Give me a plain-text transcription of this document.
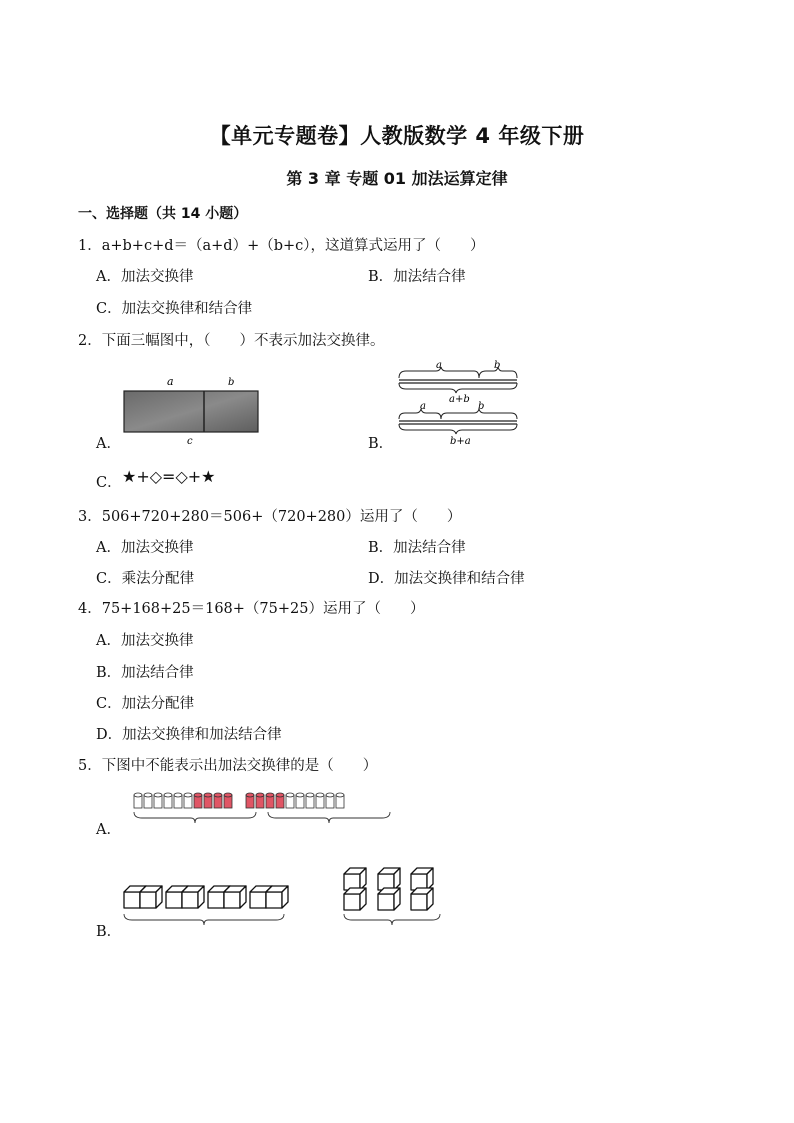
【单元专题卷】人教版数学 4 年级下册
第 3 章 专题 01 加法运算定律
一、选择题（共 14 小题）
1．a+b+c+d＝（a+d）+（b+c），这道算式运用了（　　）
A．加法交换律	B．加法结合律
C．加法交换律和结合律
2．下面三幅图中，（　　）不表示加法交换律。
A．	B．
C． ★+◇=◇+★
a	b
c
a	b
a+b
a	b
b+a
3．506+720+280＝506+（720+280）运用了（　　）
A．加法交换律	B．加法结合律
C．乘法分配律	D．加法交换律和结合律
4．75+168+25＝168+（75+25）运用了（　　）
A．加法交换律
B．加法结合律
C．加法分配律
D．加法交换律和加法结合律
5．下图中不能表示出加法交换律的是（　　）
A．
B．
